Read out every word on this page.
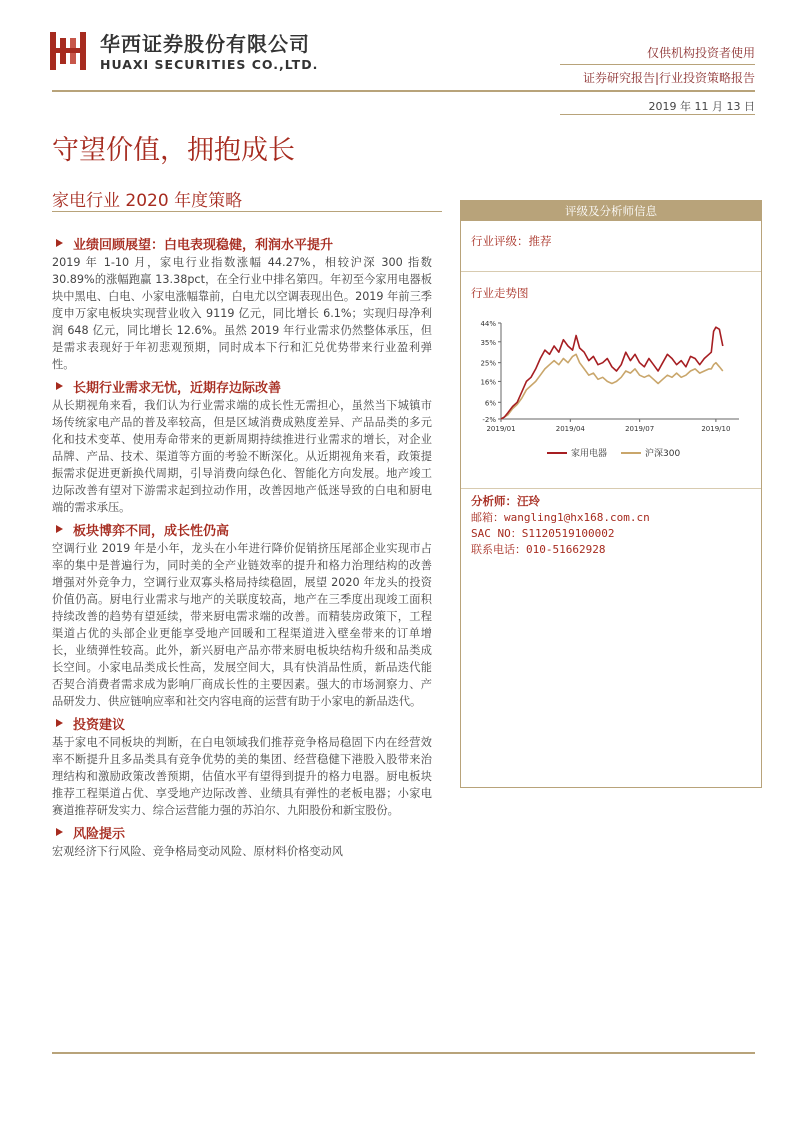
华西证券股份有限公司
HUAXI SECURITIES CO.,LTD.
仅供机构投资者使用
证券研究报告|行业投资策略报告
2019 年 11 月 13 日
守望价值，拥抱成长
家电行业 2020 年度策略
业绩回顾展望：白电表现稳健，利润水平提升

2019 年 1-10 月，家电行业指数涨幅 44.27%，相较沪深 300 指数 30.89%的涨幅跑赢 13.38pct，在全行业中排名第四。年初至今家用电器板块中黑电、白电、小家电涨幅靠前，白电尤以空调表现出色。2019 年前三季度申万家电板块实现营业收入 9119 亿元，同比增长 6.1%；实现归母净利润 648 亿元，同比增长 12.6%。虽然 2019 年行业需求仍然整体承压，但是需求表现好于年初悲观预期，同时成本下行和汇兑优势带来行业盈利弹性。

长期行业需求无忧，近期存边际改善

从长期视角来看，我们认为行业需求端的成长性无需担心，虽然当下城镇市场传统家电产品的普及率较高，但是区域消费成熟度差异、产品品类的多元化和技术变革、使用寿命带来的更新周期持续推进行业需求的增长，对企业品牌、产品、技术、渠道等方面的考验不断深化。从近期视角来看，政策提振需求促进更新换代周期，引导消费向绿色化、智能化方向发展。地产竣工边际改善有望对下游需求起到拉动作用，改善因地产低迷导致的白电和厨电端的需求承压。

板块博弈不同，成长性仍高

空调行业 2019 年是小年，龙头在小年进行降价促销挤压尾部企业实现市占率的集中是普遍行为，同时美的全产业链效率的提升和格力治理结构的改善增强对外竞争力，空调行业双寡头格局持续稳固，展望 2020 年龙头的投资价值仍高。厨电行业需求与地产的关联度较高，地产在三季度出现竣工面积持续改善的趋势有望延续，带来厨电需求端的改善。而精装房政策下，工程渠道占优的头部企业更能享受地产回暖和工程渠道进入壁垒带来的订单增长，业绩弹性较高。此外，新兴厨电产品亦带来厨电板块结构升级和品类成长空间。小家电品类成长性高，发展空间大，具有快消品性质，新品迭代能否契合消费者需求成为影响厂商成长性的主要因素。强大的市场洞察力、产品研发力、供应链响应率和社交内容电商的运营有助于小家电的新品迭代。

投资建议

基于家电不同板块的判断，在白电领域我们推荐竞争格局稳固下内在经营效率不断提升且多品类具有竞争优势的美的集团、经营稳健下港股入股带来治理结构和激励政策改善预期，估值水平有望得到提升的格力电器。厨电板块推荐工程渠道占优、享受地产边际改善、业绩具有弹性的老板电器；小家电赛道推荐研发实力、综合运营能力强的苏泊尔、九阳股份和新宝股份。

风险提示

宏观经济下行风险、竞争格局变动风险、原材料价格变动风

评级及分析师信息
行业评级：推荐
行业走势图
-2%
6%
16%
25%
35%
44%
2019/01	2019/04	2019/07	2019/10
家用电器	沪深300
分析师：汪玲
邮箱：wangling1@hx168.com.cn
SAC NO：S1120519100002
联系电话：010-51662928
